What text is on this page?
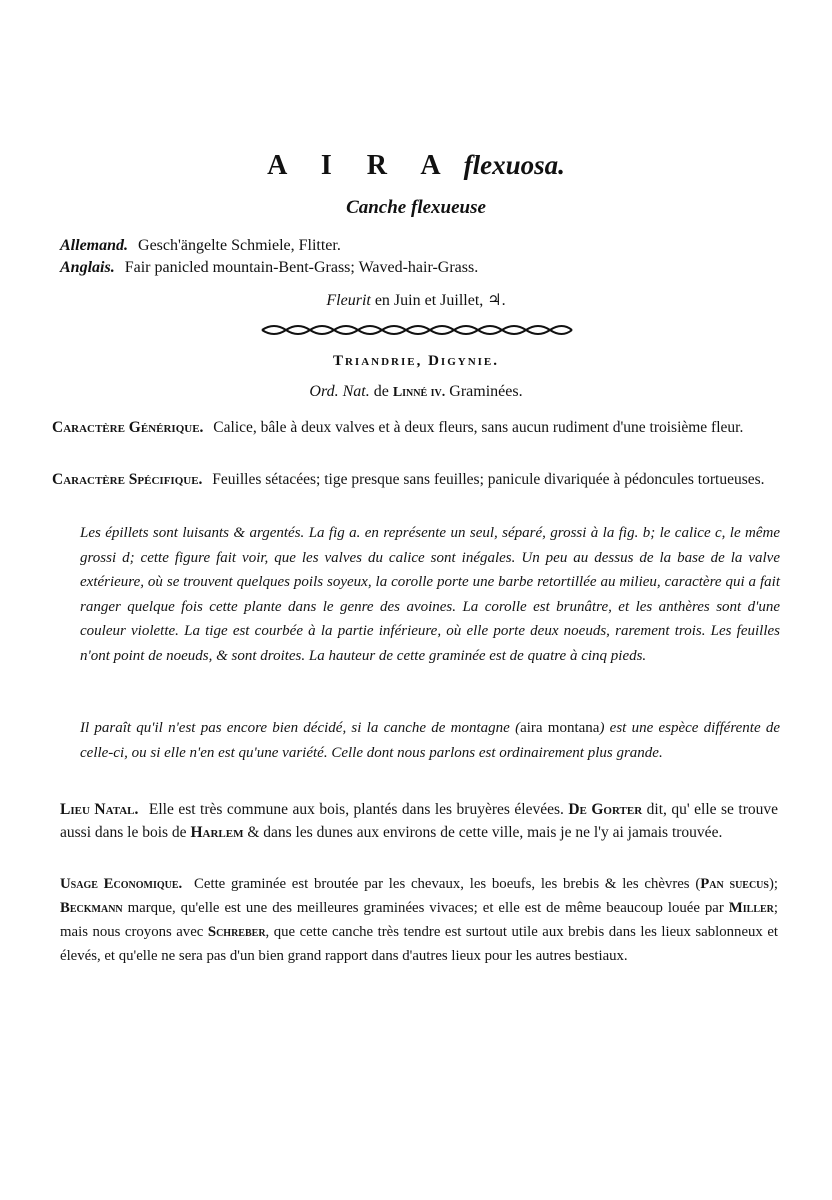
A I R A flexuosa.
Canche flexueuse
Allemand. Gesch'ängelte Schmiele, Flitter.
Anglais. Fair panicled mountain-Bent-Grass; Waved-hair-Grass.
Fleurit en Juin et Juillet, ♃.
Triandrie, Digynie.
Ord. Nat. de Linné iv. Graminées.
Caractère Générique. Calice, bâle à deux valves et à deux fleurs, sans aucun rudiment d'une troisième fleur.
Caractère Spécifique. Feuilles sétacées; tige presque sans feuilles; panicule divariquée à pédoncules tortueuses.
Les épillets sont luisants & argentés. La fig a. en représente un seul, séparé, grossi à la fig. b; le calice c, le même grossi d; cette figure fait voir, que les valves du calice sont inégales. Un peu au dessus de la base de la valve extérieure, où se trouvent quelques poils soyeux, la corolle porte une barbe retortillée au milieu, caractère qui a fait ranger quelque fois cette plante dans le genre des avoines. La corolle est brunâtre, et les anthères sont d'une couleur violette. La tige est courbée à la partie inférieure, où elle porte deux noeuds, rarement trois. Les feuilles n'ont point de noeuds, & sont droites. La hauteur de cette graminée est de quatre à cinq pieds.
Il paraît qu'il n'est pas encore bien décidé, si la canche de montagne (aira montana) est une espèce différente de celle-ci, ou si elle n'en est qu'une variété. Celle dont nous parlons est ordinairement plus grande.
Lieu Natal. Elle est très commune aux bois, plantés dans les bruyères élevées. De Gorter dit, qu' elle se trouve aussi dans le bois de Harlem & dans les dunes aux environs de cette ville, mais je ne l'y ai jamais trouvée.
Usage Economique. Cette graminée est broutée par les chevaux, les boeufs, les brebis & les chèvres (Pan suecus); Beckmann marque, qu'elle est une des meilleures graminées vivaces; et elle est de même beaucoup louée par Miller; mais nous croyons avec Schreber, que cette canche très tendre est surtout utile aux brebis dans les lieux sablonneux et élevés, et qu'elle ne sera pas d'un bien grand rapport dans d'autres lieux pour les autres bestiaux.
